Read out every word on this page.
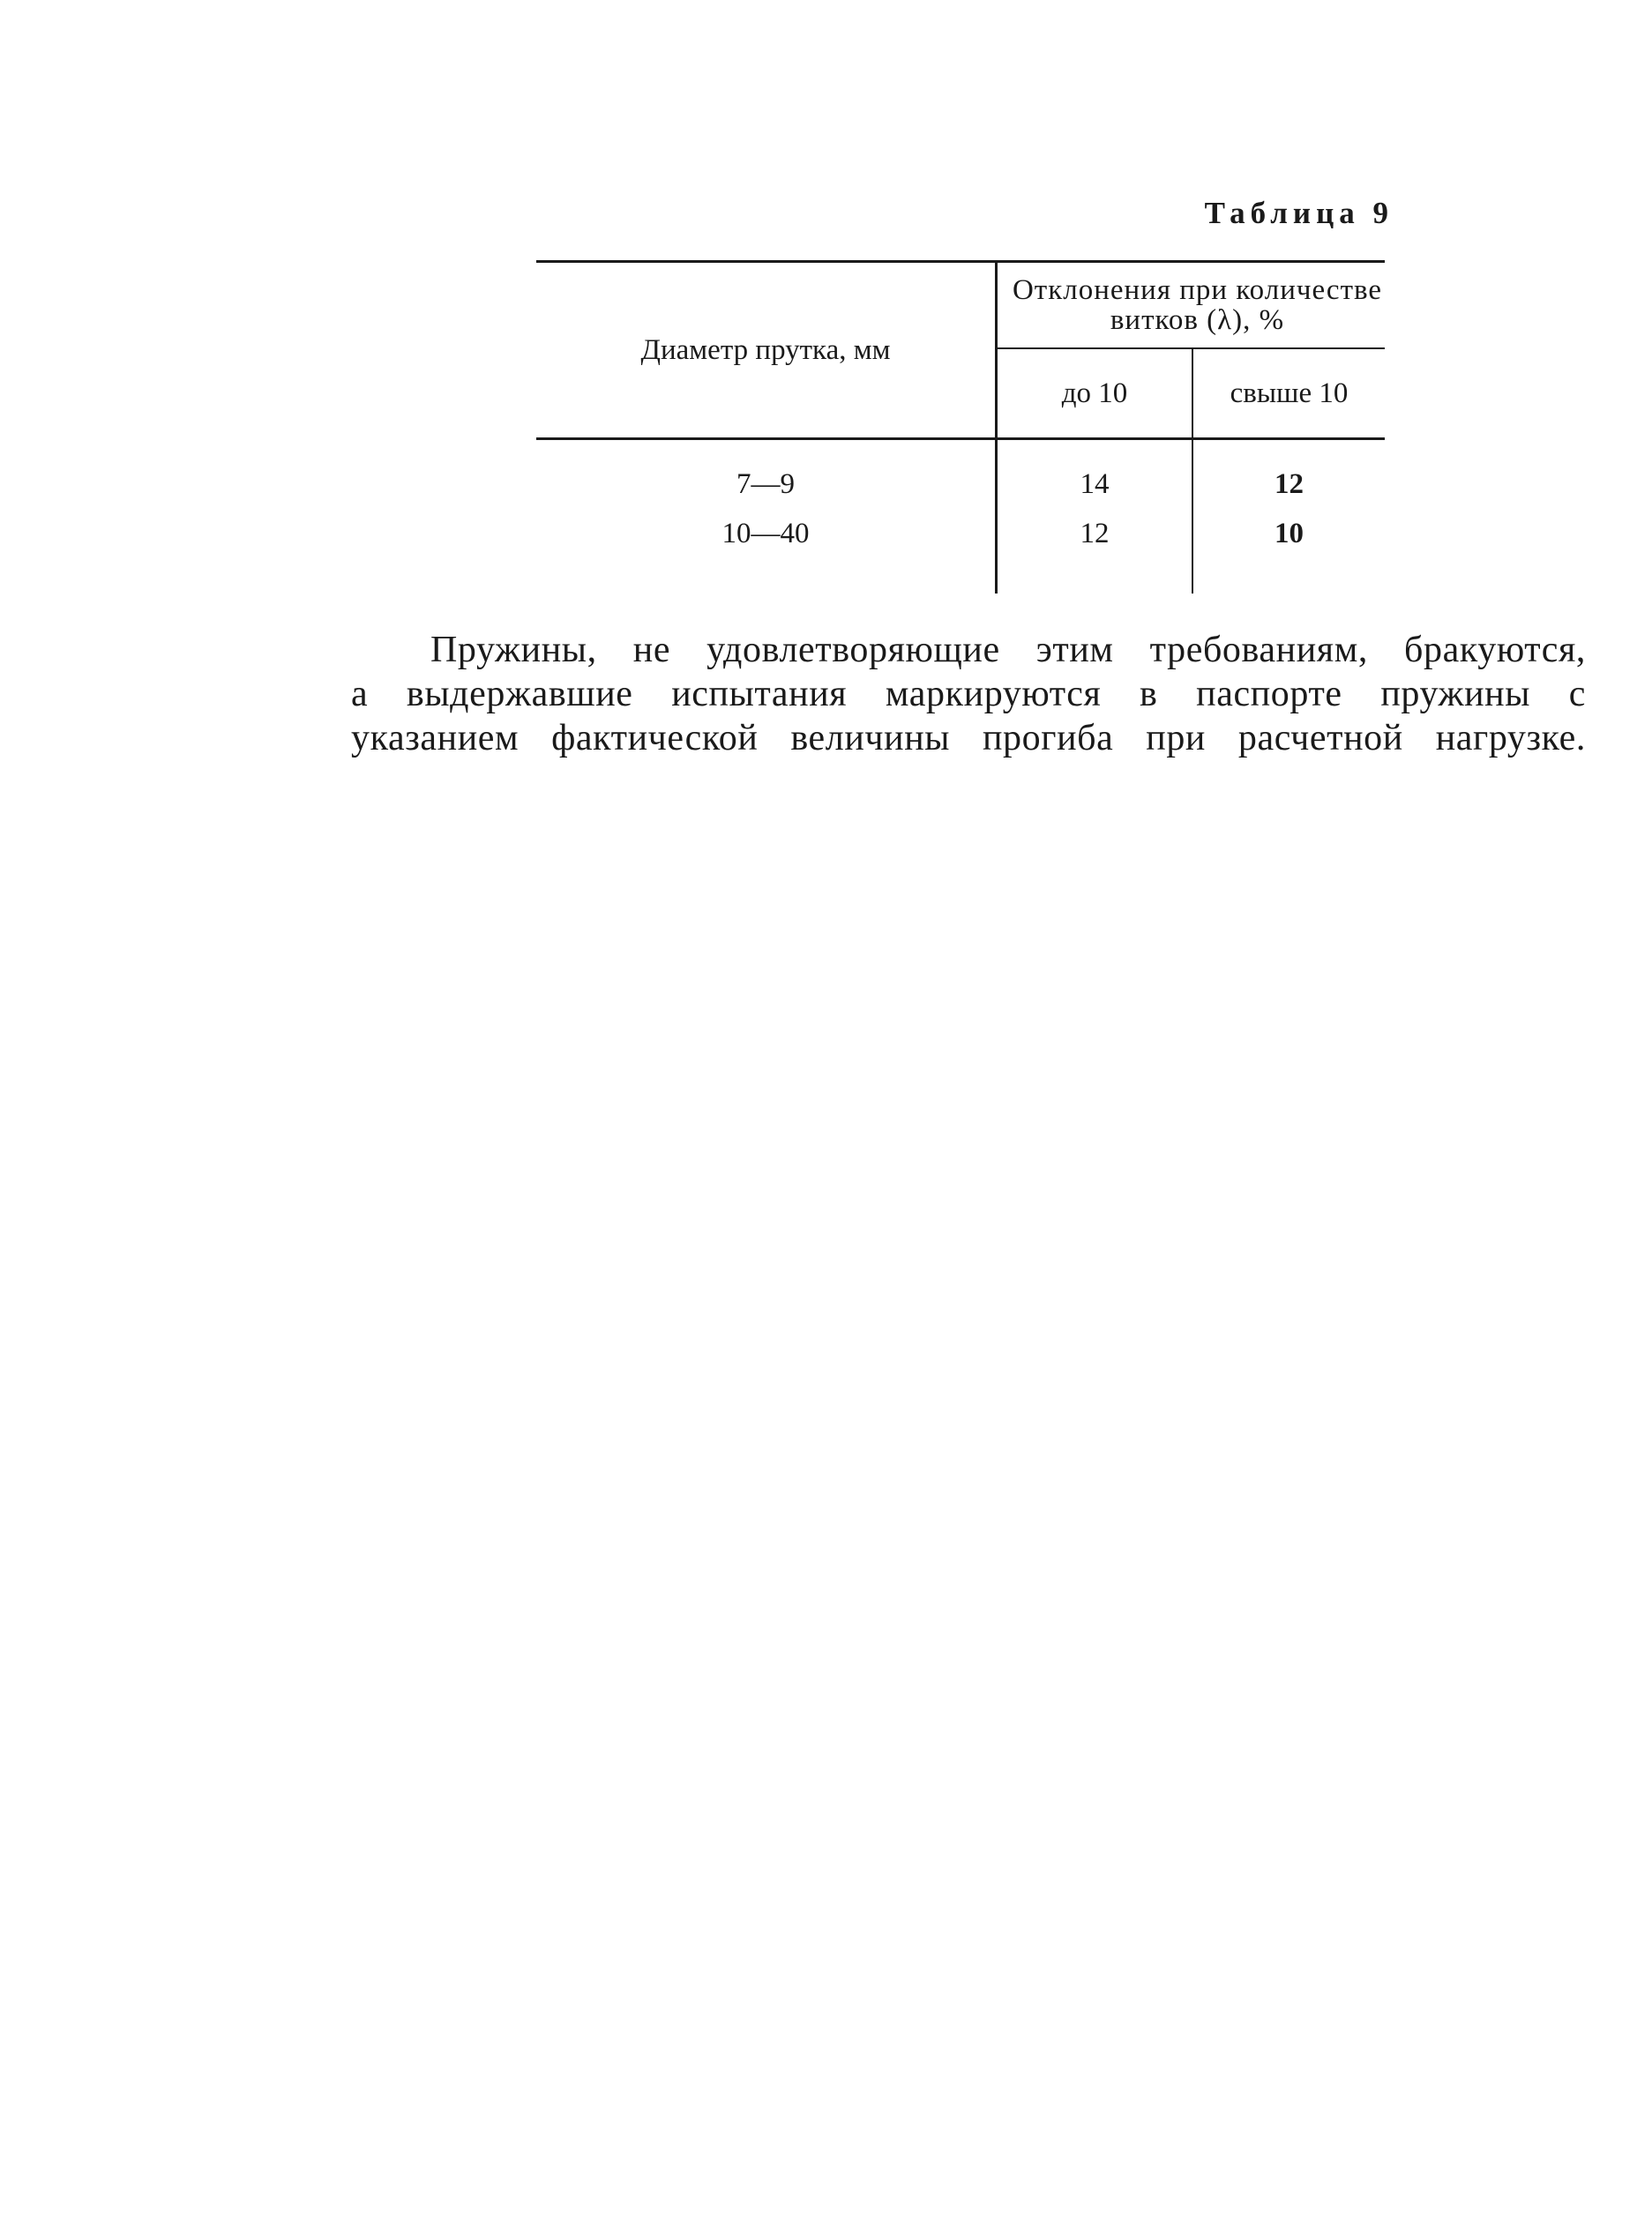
Таблица 9
Диаметр прутка, мм	Отклонения при количестве витков (λ), %	
	до 10	свыше 10

7—9	14	12
10—40	12	10

Пружины, не удовлетворяющие этим требованиям, бракуются,
а выдержавшие испытания маркируются в паспорте пружины с
указанием фактической величины прогиба при расчетной нагрузке.
